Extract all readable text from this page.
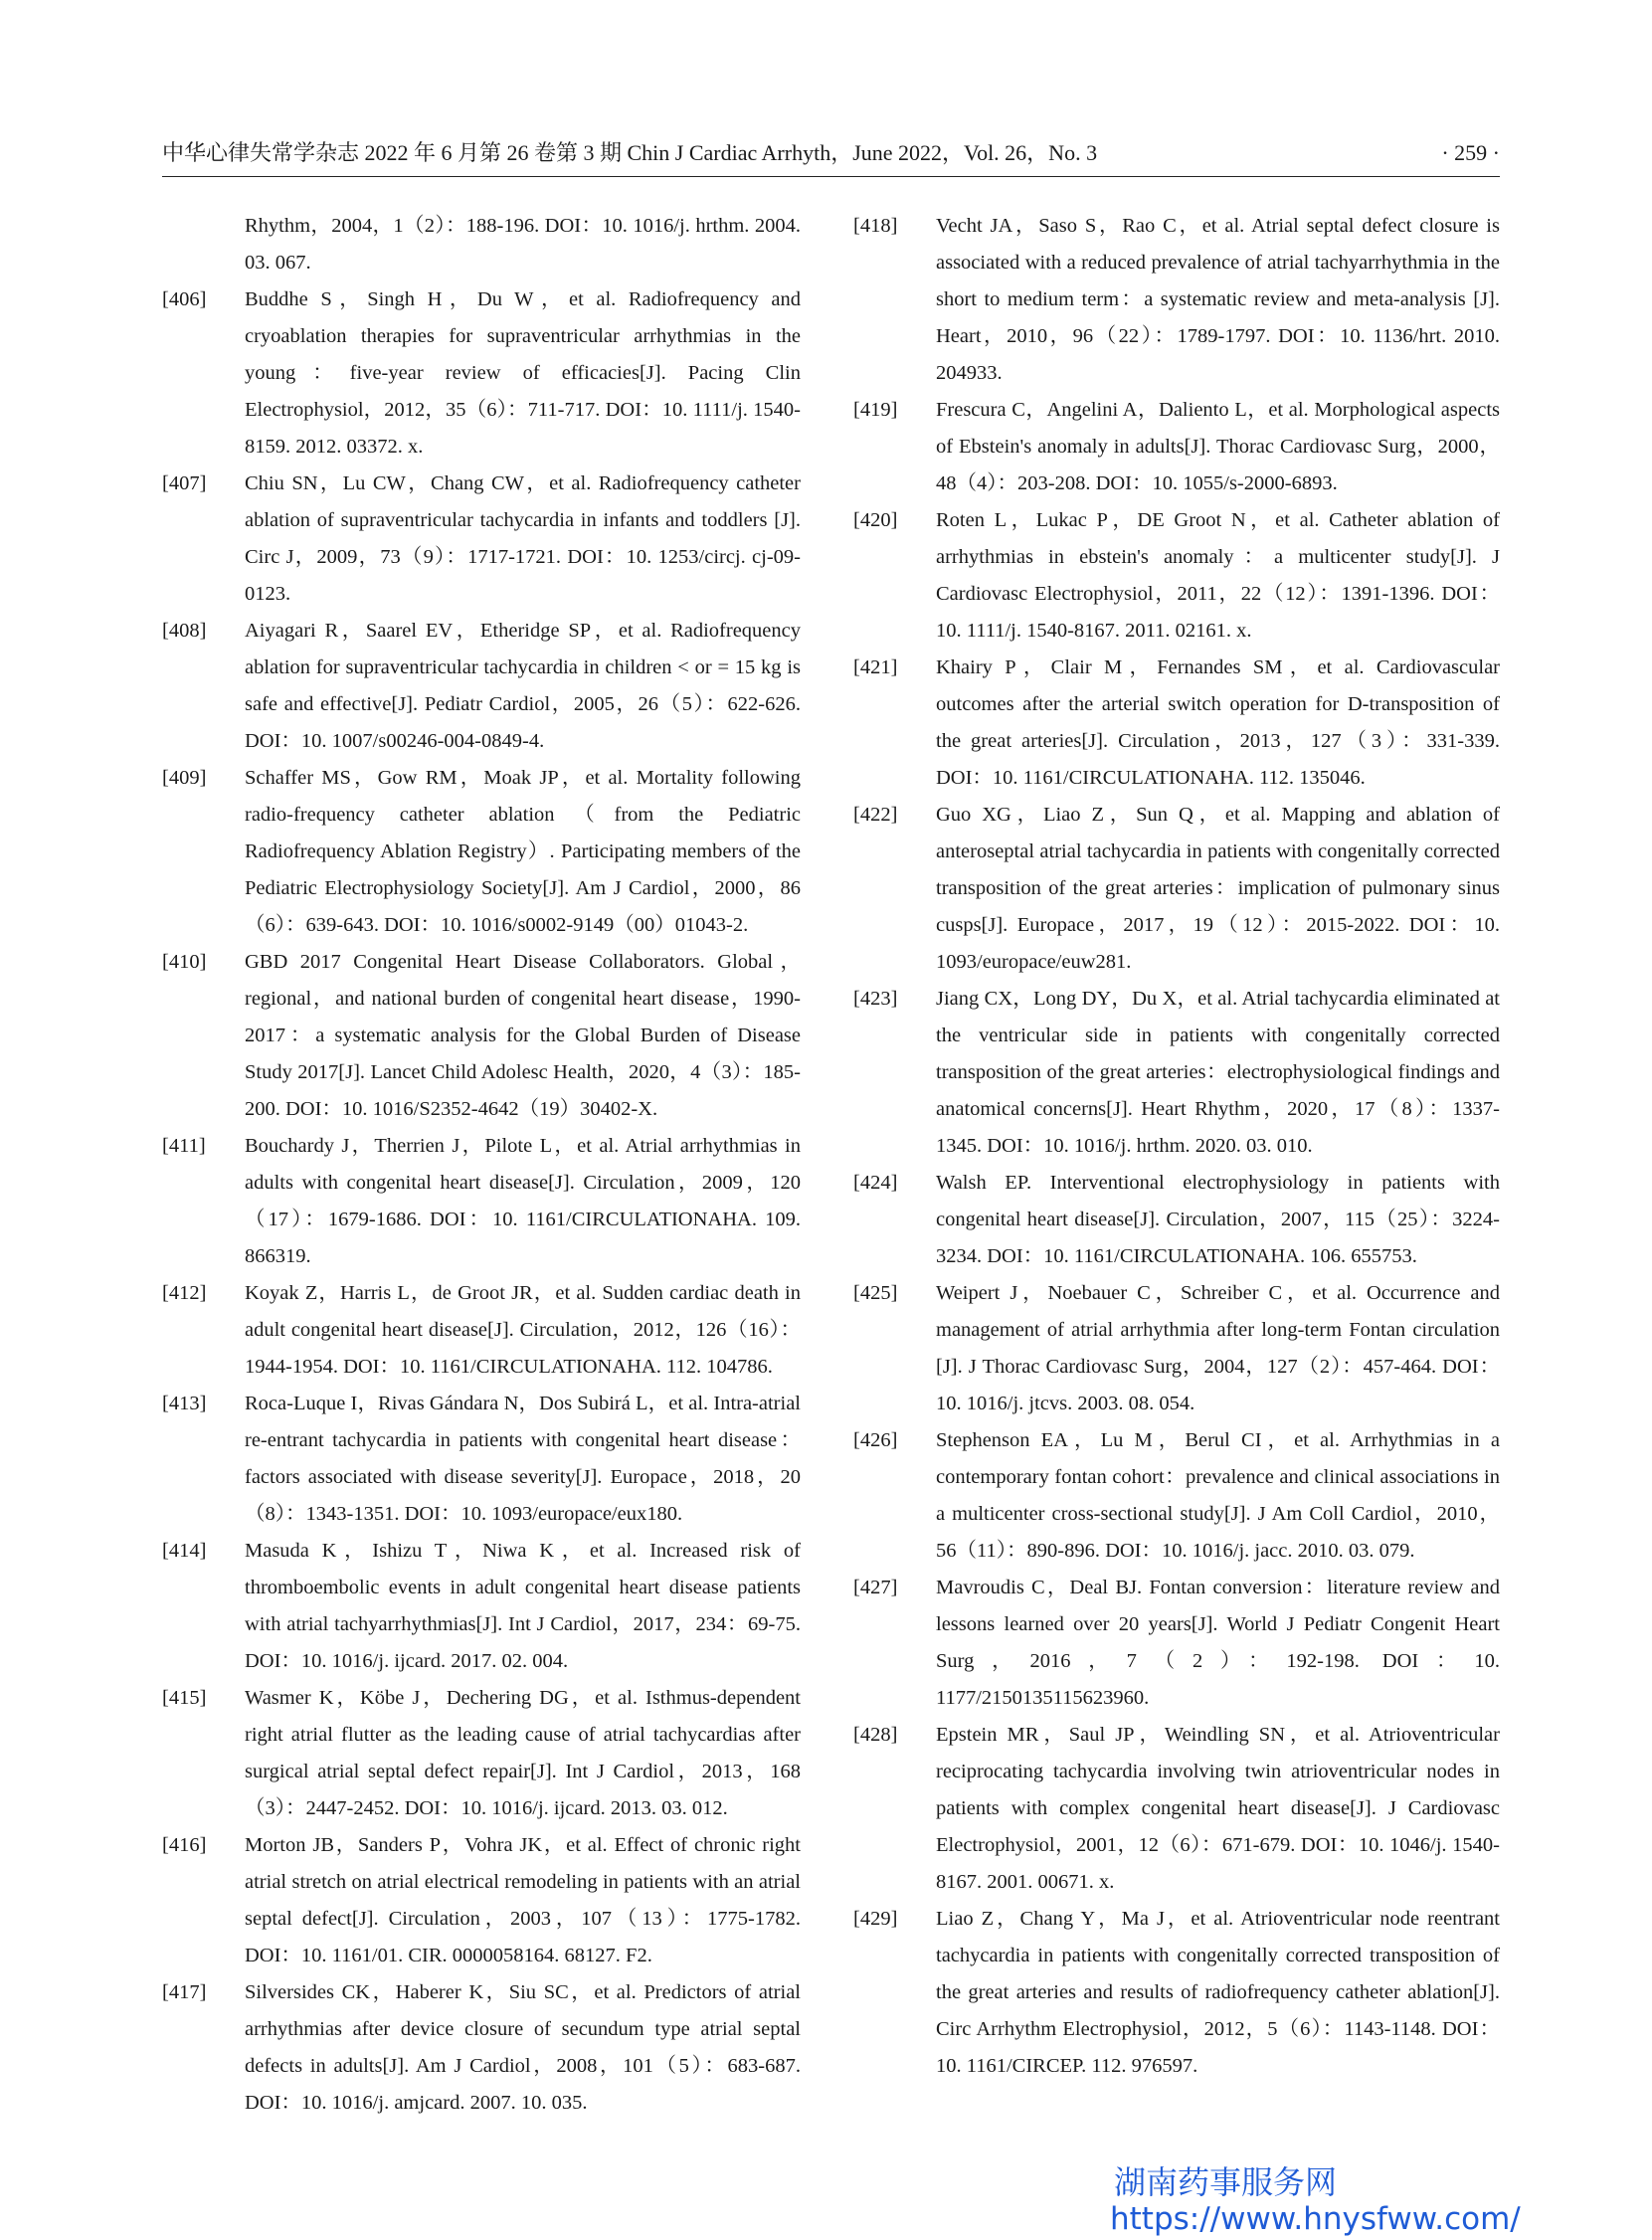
中华心律失常学杂志 2022 年 6 月第 26 卷第 3 期 Chin J Cardiac Arrhyth，June 2022，Vol. 26，No. 3	· 259 ·
Rhythm，2004，1（2）：188-196. DOI：10. 1016/j. hrthm. 2004. 03. 067.
[406] Buddhe S，Singh H，Du W，et al. Radiofrequency and cryoablation therapies for supraventricular arrhythmias in the young：five-year review of efficacies[J]. Pacing Clin Electrophysiol，2012，35（6）：711-717. DOI：10. 1111/j. 1540-8159. 2012. 03372. x.
[407] Chiu SN，Lu CW，Chang CW，et al. Radiofrequency catheter ablation of supraventricular tachycardia in infants and toddlers [J]. Circ J，2009，73（9）：1717-1721. DOI：10. 1253/circj. cj-09-0123.
[408] Aiyagari R，Saarel EV，Etheridge SP，et al. Radiofrequency ablation for supraventricular tachycardia in children < or = 15 kg is safe and effective[J]. Pediatr Cardiol，2005，26（5）：622-626. DOI：10. 1007/s00246-004-0849-4.
[409] Schaffer MS，Gow RM，Moak JP，et al. Mortality following radio-frequency catheter ablation（from the Pediatric Radiofrequency Ablation Registry）. Participating members of the Pediatric Electrophysiology Society[J]. Am J Cardiol，2000，86（6）：639-643. DOI：10. 1016/s0002-9149（00）01043-2.
[410] GBD 2017 Congenital Heart Disease Collaborators. Global，regional，and national burden of congenital heart disease，1990-2017：a systematic analysis for the Global Burden of Disease Study 2017[J]. Lancet Child Adolesc Health，2020，4（3）：185-200. DOI：10. 1016/S2352-4642（19）30402-X.
[411] Bouchardy J，Therrien J，Pilote L，et al. Atrial arrhythmias in adults with congenital heart disease[J]. Circulation，2009，120（17）：1679-1686. DOI：10. 1161/CIRCULATIONAHA. 109. 866319.
[412] Koyak Z，Harris L，de Groot JR，et al. Sudden cardiac death in adult congenital heart disease[J]. Circulation，2012，126（16）：1944-1954. DOI：10. 1161/CIRCULATIONAHA. 112. 104786.
[413] Roca-Luque I，Rivas Gándara N，Dos Subirá L，et al. Intra-atrial re-entrant tachycardia in patients with congenital heart disease：factors associated with disease severity[J]. Europace，2018，20（8）：1343-1351. DOI：10. 1093/europace/eux180.
[414] Masuda K，Ishizu T，Niwa K，et al. Increased risk of thromboembolic events in adult congenital heart disease patients with atrial tachyarrhythmias[J]. Int J Cardiol，2017，234：69-75. DOI：10. 1016/j. ijcard. 2017. 02. 004.
[415] Wasmer K，Köbe J，Dechering DG，et al. Isthmus-dependent right atrial flutter as the leading cause of atrial tachycardias after surgical atrial septal defect repair[J]. Int J Cardiol，2013，168（3）：2447-2452. DOI：10. 1016/j. ijcard. 2013. 03. 012.
[416] Morton JB，Sanders P，Vohra JK，et al. Effect of chronic right atrial stretch on atrial electrical remodeling in patients with an atrial septal defect[J]. Circulation，2003，107（13）：1775-1782. DOI：10. 1161/01. CIR. 0000058164. 68127. F2.
[417] Silversides CK，Haberer K，Siu SC，et al. Predictors of atrial arrhythmias after device closure of secundum type atrial septal defects in adults[J]. Am J Cardiol，2008，101（5）：683-687. DOI：10. 1016/j. amjcard. 2007. 10. 035.
[418] Vecht JA，Saso S，Rao C，et al. Atrial septal defect closure is associated with a reduced prevalence of atrial tachyarrhythmia in the short to medium term：a systematic review and meta-analysis [J]. Heart，2010，96（22）：1789-1797. DOI：10. 1136/hrt. 2010. 204933.
[419] Frescura C，Angelini A，Daliento L，et al. Morphological aspects of Ebstein's anomaly in adults[J]. Thorac Cardiovasc Surg，2000，48（4）：203-208. DOI：10. 1055/s-2000-6893.
[420] Roten L，Lukac P，DE Groot N，et al. Catheter ablation of arrhythmias in ebstein's anomaly：a multicenter study[J]. J Cardiovasc Electrophysiol，2011，22（12）：1391-1396. DOI：10. 1111/j. 1540-8167. 2011. 02161. x.
[421] Khairy P，Clair M，Fernandes SM，et al. Cardiovascular outcomes after the arterial switch operation for D-transposition of the great arteries[J]. Circulation，2013，127（3）：331-339. DOI：10. 1161/CIRCULATIONAHA. 112. 135046.
[422] Guo XG，Liao Z，Sun Q，et al. Mapping and ablation of anteroseptal atrial tachycardia in patients with congenitally corrected transposition of the great arteries：implication of pulmonary sinus cusps[J]. Europace，2017，19（12）：2015-2022. DOI：10. 1093/europace/euw281.
[423] Jiang CX，Long DY，Du X，et al. Atrial tachycardia eliminated at the ventricular side in patients with congenitally corrected transposition of the great arteries：electrophysiological findings and anatomical concerns[J]. Heart Rhythm，2020，17（8）：1337-1345. DOI：10. 1016/j. hrthm. 2020. 03. 010.
[424] Walsh EP. Interventional electrophysiology in patients with congenital heart disease[J]. Circulation，2007，115（25）：3224-3234. DOI：10. 1161/CIRCULATIONAHA. 106. 655753.
[425] Weipert J，Noebauer C，Schreiber C，et al. Occurrence and management of atrial arrhythmia after long-term Fontan circulation [J]. J Thorac Cardiovasc Surg，2004，127（2）：457-464. DOI：10. 1016/j. jtcvs. 2003. 08. 054.
[426] Stephenson EA，Lu M，Berul CI，et al. Arrhythmias in a contemporary fontan cohort：prevalence and clinical associations in a multicenter cross-sectional study[J]. J Am Coll Cardiol，2010，56（11）：890-896. DOI：10. 1016/j. jacc. 2010. 03. 079.
[427] Mavroudis C，Deal BJ. Fontan conversion：literature review and lessons learned over 20 years[J]. World J Pediatr Congenit Heart Surg，2016，7（2）：192-198. DOI：10. 1177/2150135115623960.
[428] Epstein MR，Saul JP，Weindling SN，et al. Atrioventricular reciprocating tachycardia involving twin atrioventricular nodes in patients with complex congenital heart disease[J]. J Cardiovasc Electrophysiol，2001，12（6）：671-679. DOI：10. 1046/j. 1540-8167. 2001. 00671. x.
[429] Liao Z，Chang Y，Ma J，et al. Atrioventricular node reentrant tachycardia in patients with congenitally corrected transposition of the great arteries and results of radiofrequency catheter ablation[J]. Circ Arrhythm Electrophysiol，2012，5（6）：1143-1148. DOI：10. 1161/CIRCEP. 112. 976597.
湖南药事服务网
https://www.hnysfww.com/
